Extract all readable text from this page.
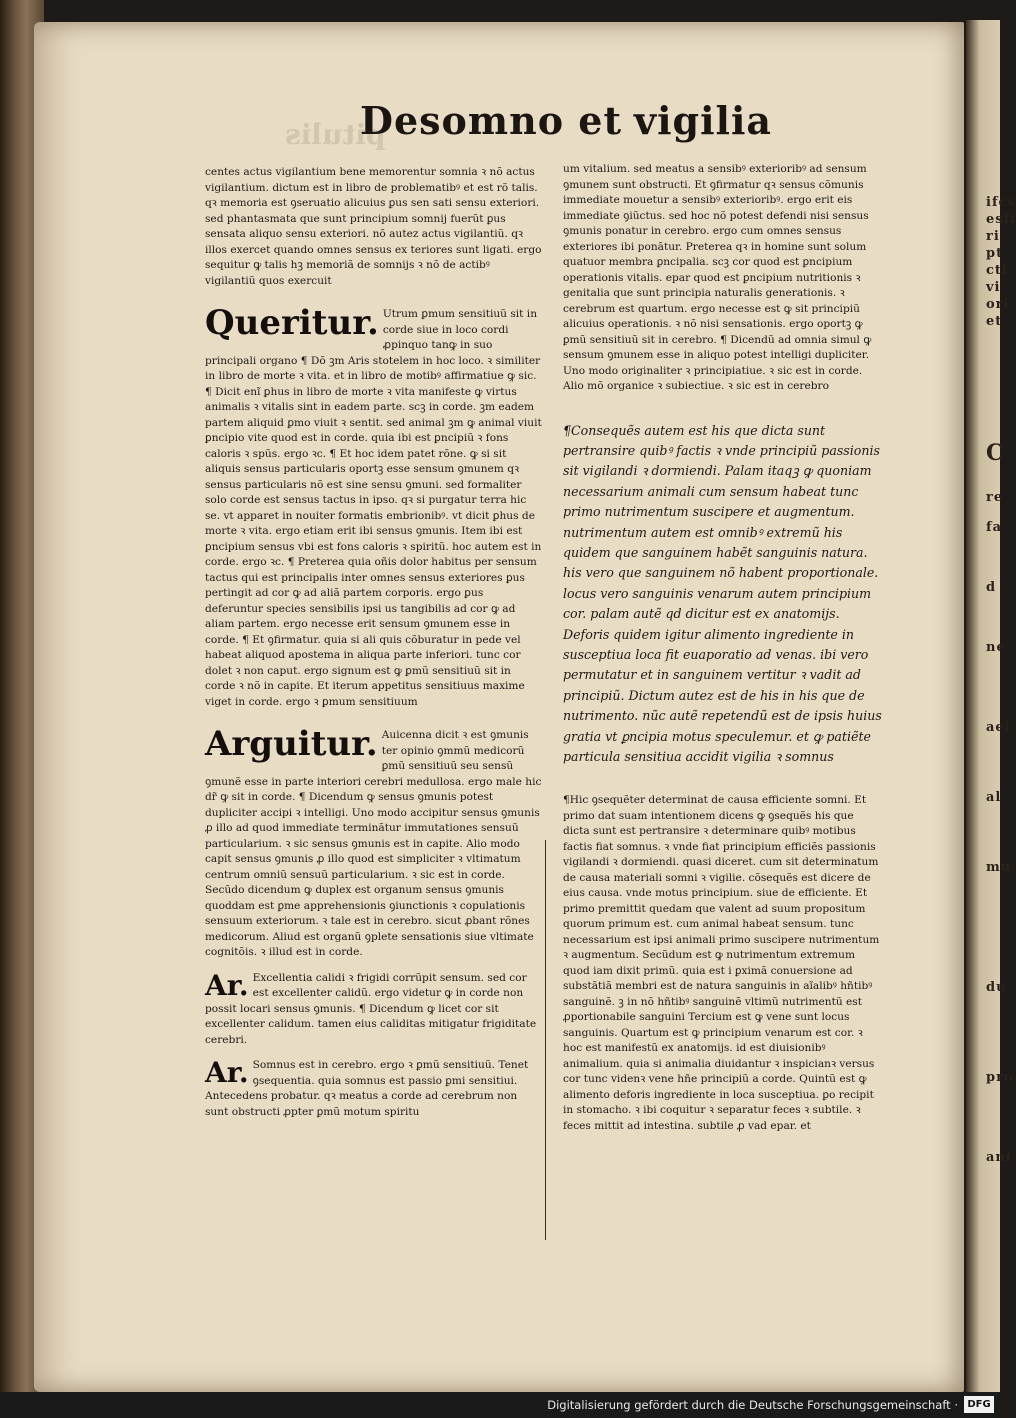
pitulis
Desomno et vigilia

centes actus vigilantium bene memorentur somnia ꝛ nõ actus vigilantium. dictum est in libro de problematibꝰ et est rõ talis. qꝛ memoria est ꝯseruatio alicuius ꝑus sen sati sensu exteriori. sed phantasmata que sunt principium somnij fuerũt ꝑus sensata aliquo sensu exteriori. nõ autez actus vigilantiũ. qꝛ illos exercet quando omnes sensus ex teriores sunt ligati. ergo sequitur ꝙ talis hꝫ memoriã de somnijs ꝛ nõ de actibꝰ vigilantiũ quos exercuit

Queritur. Utrum ꝑmum sensitiuũ sit in corde siue in loco cordi ꝓpinquo tanꝙ in suo principali organo ¶ Dõ ꝫm Aris stotelem in hoc loco. ꝛ similiter in libro de morte ꝛ vita. et in libro de motibꝰ affirmatiue ꝙ sic. ¶ Dicit enĩ ꝑhus in libro de morte ꝛ vita manifeste ꝙ virtus animalis ꝛ vitalis sint in eadem parte. scꝫ in corde. ꝫm eadem partem aliquid ꝑmo viuit ꝛ sentit. sed animal ꝫm ꝙ animal viuit ꝑncipio vite quod est in corde. quia ibi est ꝑncipiũ ꝛ fons caloris ꝛ spũs. ergo ꝛc. ¶ Et hoc idem patet rõne. ꝙ si sit aliquis sensus particularis oportꝫ esse sensum ꝯmunem qꝛ sensus particularis nõ est sine sensu ꝯmuni. sed formaliter solo corde est sensus tactus in ipso. qꝛ si purgatur terra hic se. vt apparet in nouiter formatis embrionibꝰ. vt dicit ꝑhus de morte ꝛ vita. ergo etiam erit ibi sensus ꝯmunis. Item ibi est ꝑncipium sensus vbi est fons caloris ꝛ spiritũ. hoc autem est in corde. ergo ꝛc. ¶ Preterea quia oñis dolor habitus per sensum tactus qui est principalis inter omnes sensus exteriores ꝑus pertingit ad cor ꝙ ad aliã partem corporis. ergo ꝑus deferuntur species sensibilis ipsi us tangibilis ad cor ꝙ ad aliam partem. ergo necesse erit sensum ꝯmunem esse in corde. ¶ Et ꝯfirmatur. quia si ali quis cõburatur in pede vel habeat aliquod apostema in aliqua parte inferiori. tunc cor dolet ꝛ non caput. ergo signum est ꝙ ꝑmũ sensitiuũ sit in corde ꝛ nõ in capite. Et iterum appetitus sensitiuus maxime viget in corde. ergo ꝛ ꝑmum sensitiuum

Arguitur. Auicenna dicit ꝛ est ꝯmunis ter opinio ꝯmmũ medicorũ ꝑmũ sensitiuũ seu sensũ ꝯmunẽ esse in parte interiori cerebri medullosa. ergo male hic dr̃ ꝙ sit in corde. ¶ Dicendum ꝙ sensus ꝯmunis potest dupliciter accipi ꝛ intelligi. Uno modo accipitur sensus ꝯmunis ꝓ illo ad quod immediate terminãtur immutationes sensuũ particularium. ꝛ sic sensus ꝯmunis est in capite. Alio modo capit sensus ꝯmunis ꝓ illo quod est simpliciter ꝛ vltimatum centrum omniũ sensuũ particularium. ꝛ sic est in corde. Secũdo dicendum ꝙ duplex est organum sensus ꝯmunis quoddam est ꝑme apprehensionis ꝯiunctionis ꝛ copulationis sensuum exteriorum. ꝛ tale est in cerebro. sicut ꝓbant rõnes medicorum. Aliud est organũ ꝯplete sensationis siue vltimate cognitõis. ꝛ illud est in corde.

Ar. Excellentia calidi ꝛ frigidi corrũpit sensum. sed cor est excellenter calidũ. ergo videtur ꝙ in corde non possit locari sensus ꝯmunis. ¶ Dicendum ꝙ licet cor sit excellenter calidum. tamen eius caliditas mitigatur frigiditate cerebri.

Ar. Somnus est in cerebro. ergo ꝛ ꝑmũ sensitiuũ. Tenet ꝯsequentia. quia somnus est passio ꝑmi sensitiui. Antecedens probatur. qꝛ meatus a corde ad cerebrum non sunt obstructi ꝓpter ꝑmũ motum spiritu

um vitalium. sed meatus a sensibꝰ exterioribꝰ ad sensum ꝯmunem sunt obstructi. Et ꝯfirmatur qꝛ sensus cõmunis immediate mouetur a sensibꝰ exterioribꝰ. ergo erit eis immediate ꝯiũctus. sed hoc nõ potest defendi nisi sensus ꝯmunis ponatur in cerebro. ergo cum omnes sensus exteriores ibi ponãtur. Preterea qꝛ in homine sunt solum quatuor membra ꝑncipalia. scꝫ cor quod est ꝑncipium operationis vitalis. epar quod est ꝑncipium nutritionis ꝛ genitalia que sunt principia naturalis generationis. ꝛ cerebrum est quartum. ergo necesse est ꝙ sit principiũ alicuius operationis. ꝛ nõ nisi sensationis. ergo oportꝫ ꝙ ꝑmũ sensitiuũ sit in cerebro. ¶ Dicendũ ad omnia simul ꝙ sensum ꝯmunem esse in aliquo potest intelligi dupliciter. Uno modo originaliter ꝛ principiatiue. ꝛ sic est in corde. Alio mõ organice ꝛ subiectiue. ꝛ sic est in cerebro

¶Consequẽs autem est his que dicta sunt pertransire quibꝰ factis ꝛ vnde principiũ passionis sit vigilandi ꝛ dormiendi. Palam itaqꝫ ꝙ quoniam necessarium animali cum sensum habeat tunc primo nutrimentum suscipere et augmentum. nutrimentum autem est omnibꝰ extremũ his quidem que sanguinem habẽt sanguinis natura. his vero que sanguinem nõ habent proportionale. locus vero sanguinis venarum autem principium cor. palam autẽ qd dicitur est ex anatomijs. Deforis quidem igitur alimento ingrediente in susceptiua loca fit euaporatio ad venas. ibi vero permutatur et in sanguinem vertitur ꝛ vadit ad principiũ. Dictum autez est de his in his que de nutrimento. nũc autẽ repetendũ est de ipsis huius gratia vt ꝑncipia motus speculemur. et ꝙ patiẽte particula sensitiua accidit vigilia ꝛ somnus

¶Hic ꝯsequẽter determinat de causa efficiente somni. Et primo dat suam intentionem dicens ꝙ ꝯsequẽs his que dicta sunt est pertransire ꝛ determinare quibꝰ motibus factis fiat somnus. ꝛ vnde fiat principium efficiẽs passionis vigilandi ꝛ dormiendi. quasi diceret. cum sit determinatum de causa materiali somni ꝛ vigilie. cõsequẽs est dicere de eius causa. vnde motus principium. siue de efficiente. Et primo premittit quedam que valent ad suum propositum quorum primum est. cum animal habeat sensum. tunc necessarium est ipsi animali primo suscipere nutrimentum ꝛ augmentum. Secũdum est ꝙ nutrimentum extremum quod iam dixit primũ. quia est i ꝑximã conuersione ad substãtiã membri est de natura sanguinis in aĩalibꝰ hñtibꝰ sanguinẽ. ꝫ in nõ hñtibꝰ sanguinẽ vltimũ nutrimentũ est ꝓportionabile sanguini Tercium est ꝙ vene sunt locus sanguinis. Quartum est ꝙ principium venarum est cor. ꝛ hoc est manifestũ ex anatomijs. id est diuisionibꝰ animalium. quia si animalia diuidantur ꝛ inspicianꝛ versus cor tunc videnꝛ vene hñe principiũ a corde. Quintũ est ꝙ alimento deforis ingrediente in loca susceptiua. ꝑo recipit in stomacho. ꝛ ibi coquitur ꝛ separatur feces ꝛ subtile. ꝛ feces mittit ad intestina. subtile ꝓ vad epar. et

ifcs
esfi
ri
pt
cti
vi
ori
et
C
re
fa
d
ne
aei
al
mu
du
pro
ani
Digitalisierung gefördert durch die Deutsche Forschungsgemeinschaft · DFG
